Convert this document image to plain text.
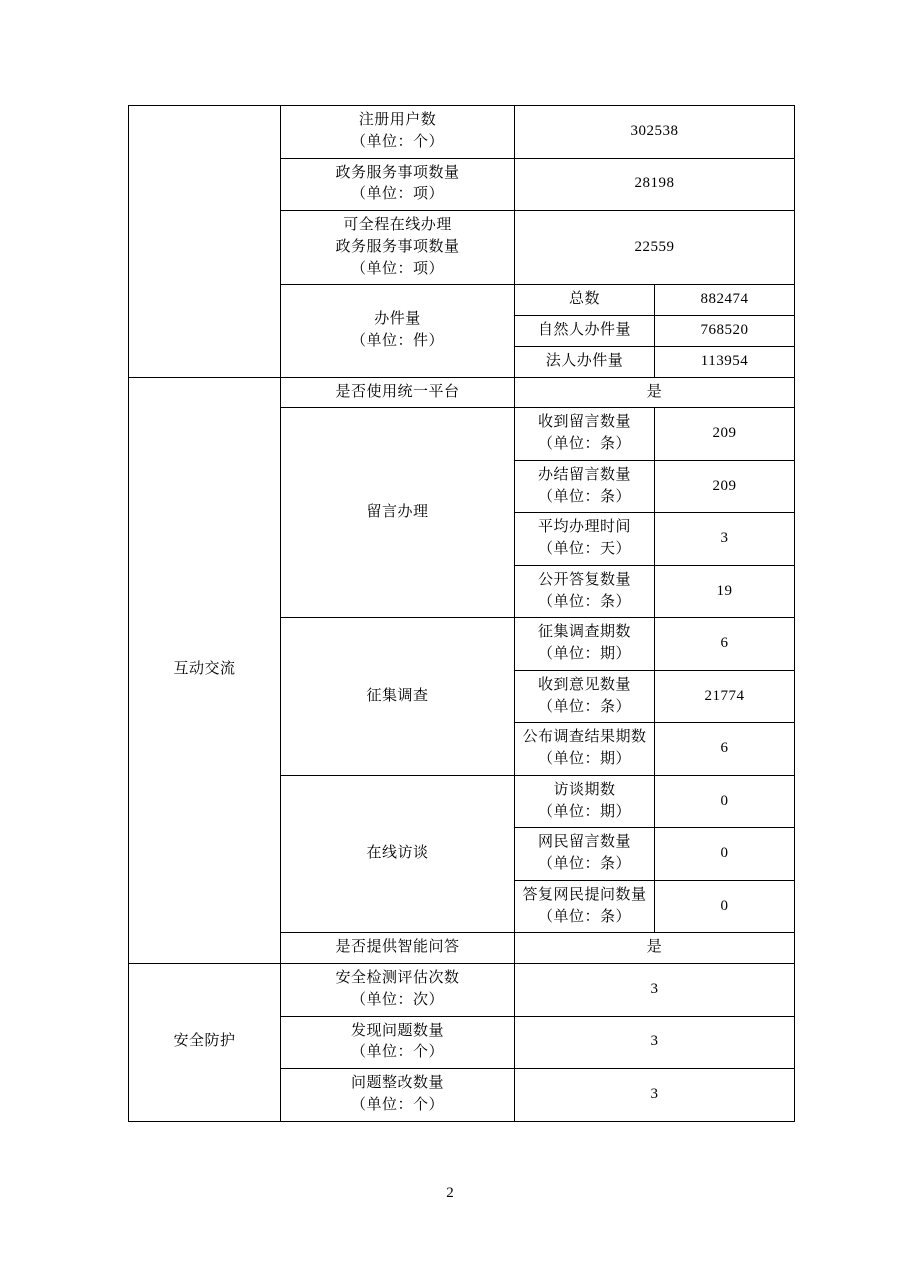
	注册用户数
（单位：个）	302538	

	政务服务事项数量
（单位：项）	28198	

	可全程在线办理
政务服务事项数量
（单位：项）	22559	

	办件量
（单位：件）	总数	882474
		自然人办件量	768520
		法人办件量	113954
互动交流	是否使用统一平台	是	
	留言办理	收到留言数量
（单位：条）	209

		办结留言数量
（单位：条）	209

		平均办理时间
（单位：天）	3

		公开答复数量
（单位：条）	19
	征集调查	征集调查期数
（单位：期）	6

		收到意见数量
（单位：条）	21774

		公布调查结果期数
（单位：期）	6
	在线访谈	访谈期数
（单位：期）	0

		网民留言数量
（单位：条）	0

		答复网民提问数量
（单位：条）	0
	是否提供智能问答	是	
安全防护	安全检测评估次数
（单位：次）	3	

	发现问题数量
（单位：个）	3	

	问题整改数量
（单位：个）	3	
2
